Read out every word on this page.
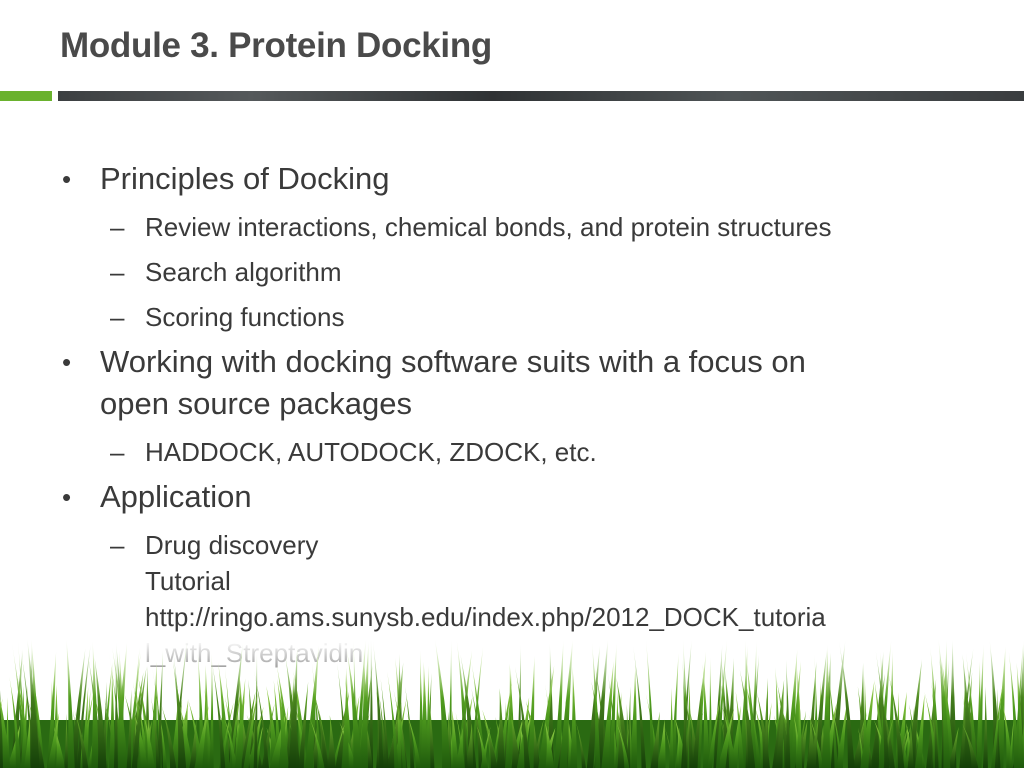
Module 3. Protein Docking
• Principles of Docking
– Review interactions, chemical bonds, and protein structures
– Search algorithm
– Scoring functions
• Working with docking software suits with a focus on
open source packages
– HADDOCK, AUTODOCK, ZDOCK, etc.
• Application
– Drug discovery
Tutorial
http://ringo.ams.sunysb.edu/index.php/2012_DOCK_tutoria
